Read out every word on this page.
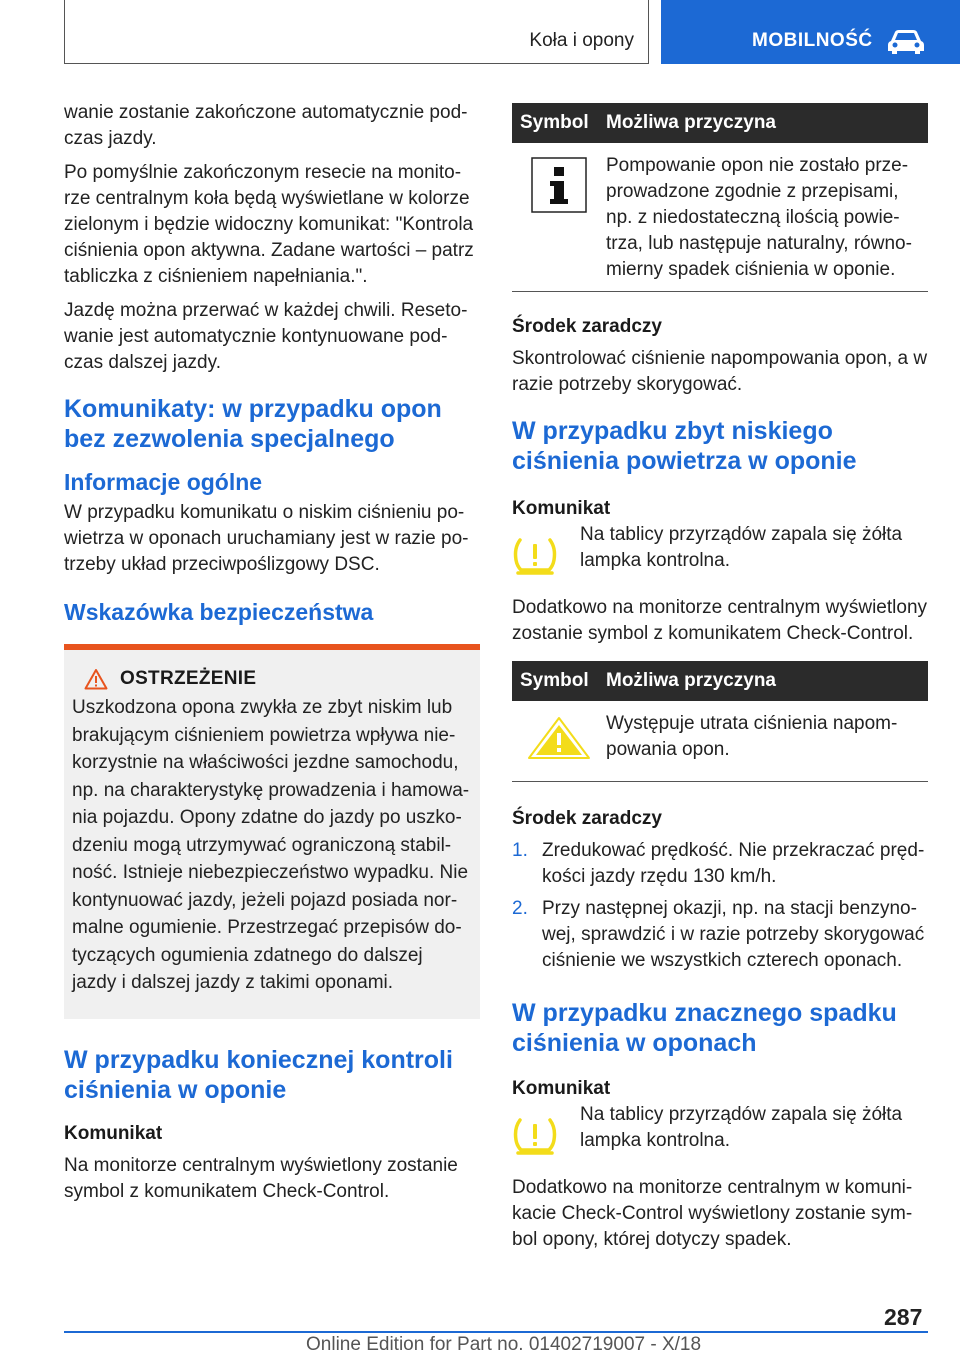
Koła i opony	MOBILNOŚĆ

wanie zostanie zakończone automatycznie podczas jazdy.

Po pomyślnie zakończonym resecie na monitorze centralnym koła będą wyświetlane w kolorze zielonym i będzie widoczny komunikat: "Kontrola ciśnienia opon aktywna. Zadane wartości – patrz tabliczka z ciśnieniem napełniania.".

Jazdę można przerwać w każdej chwili. Resetowanie jest automatycznie kontynuowane podczas dalszej jazdy.

Komunikaty: w przypadku opon bez zezwolenia specjalnego
Informacje ogólne

W przypadku komunikatu o niskim ciśnieniu powietrza w oponach uruchamiany jest w razie potrzeby układ przeciwpoślizgowy DSC.

Wskazówka bezpieczeństwa
OSTRZEŻENIE

Uszkodzona opona zwykła ze zbyt niskim lub brakującym ciśnieniem powietrza wpływa niekorzystnie na właściwości jezdne samochodu, np. na charakterystykę prowadzenia i hamowania pojazdu. Opony zdatne do jazdy po uszkodzeniu mogą utrzymywać ograniczoną stabilność. Istnieje niebezpieczeństwo wypadku. Nie kontynuować jazdy, jeżeli pojazd posiada normalne ogumienie. Przestrzegać przepisów dotyczących ogumienia zdatnego do dalszej jazdy i dalszej jazdy z takimi oponami.

W przypadku koniecznej kontroli ciśnienia w oponie
Komunikat

Na monitorze centralnym wyświetlony zostanie symbol z komunikatem Check-Control.

Symbol Możliwa przyczyna
Pompowanie opon nie zostało przeprowadzone zgodnie z przepisami, np. z niedostateczną ilością powietrza, lub następuje naturalny, równomierny spadek ciśnienia w oponie.
Środek zaradczy

Skontrolować ciśnienie napompowania opon, a w razie potrzeby skorygować.

W przypadku zbyt niskiego ciśnienia powietrza w oponie
Komunikat
Na tablicy przyrządów zapala się żółta lampka kontrolna.

Dodatkowo na monitorze centralnym wyświetlony zostanie symbol z komunikatem Check-Control.

Symbol Możliwa przyczyna
Występuje utrata ciśnienia napompowania opon.
Środek zaradczy
1. Zredukować prędkość. Nie przekraczać prędkości jazdy rzędu 130 km/h.
2. Przy następnej okazji, np. na stacji benzynowej, sprawdzić i w razie potrzeby skorygować ciśnienie we wszystkich czterech oponach.
W przypadku znacznego spadku ciśnienia w oponach
Komunikat
Na tablicy przyrządów zapala się żółta lampka kontrolna.

Dodatkowo na monitorze centralnym w komunikacie Check-Control wyświetlony zostanie symbol opony, której dotyczy spadek.

287
Online Edition for Part no. 01402719007 - X/18
